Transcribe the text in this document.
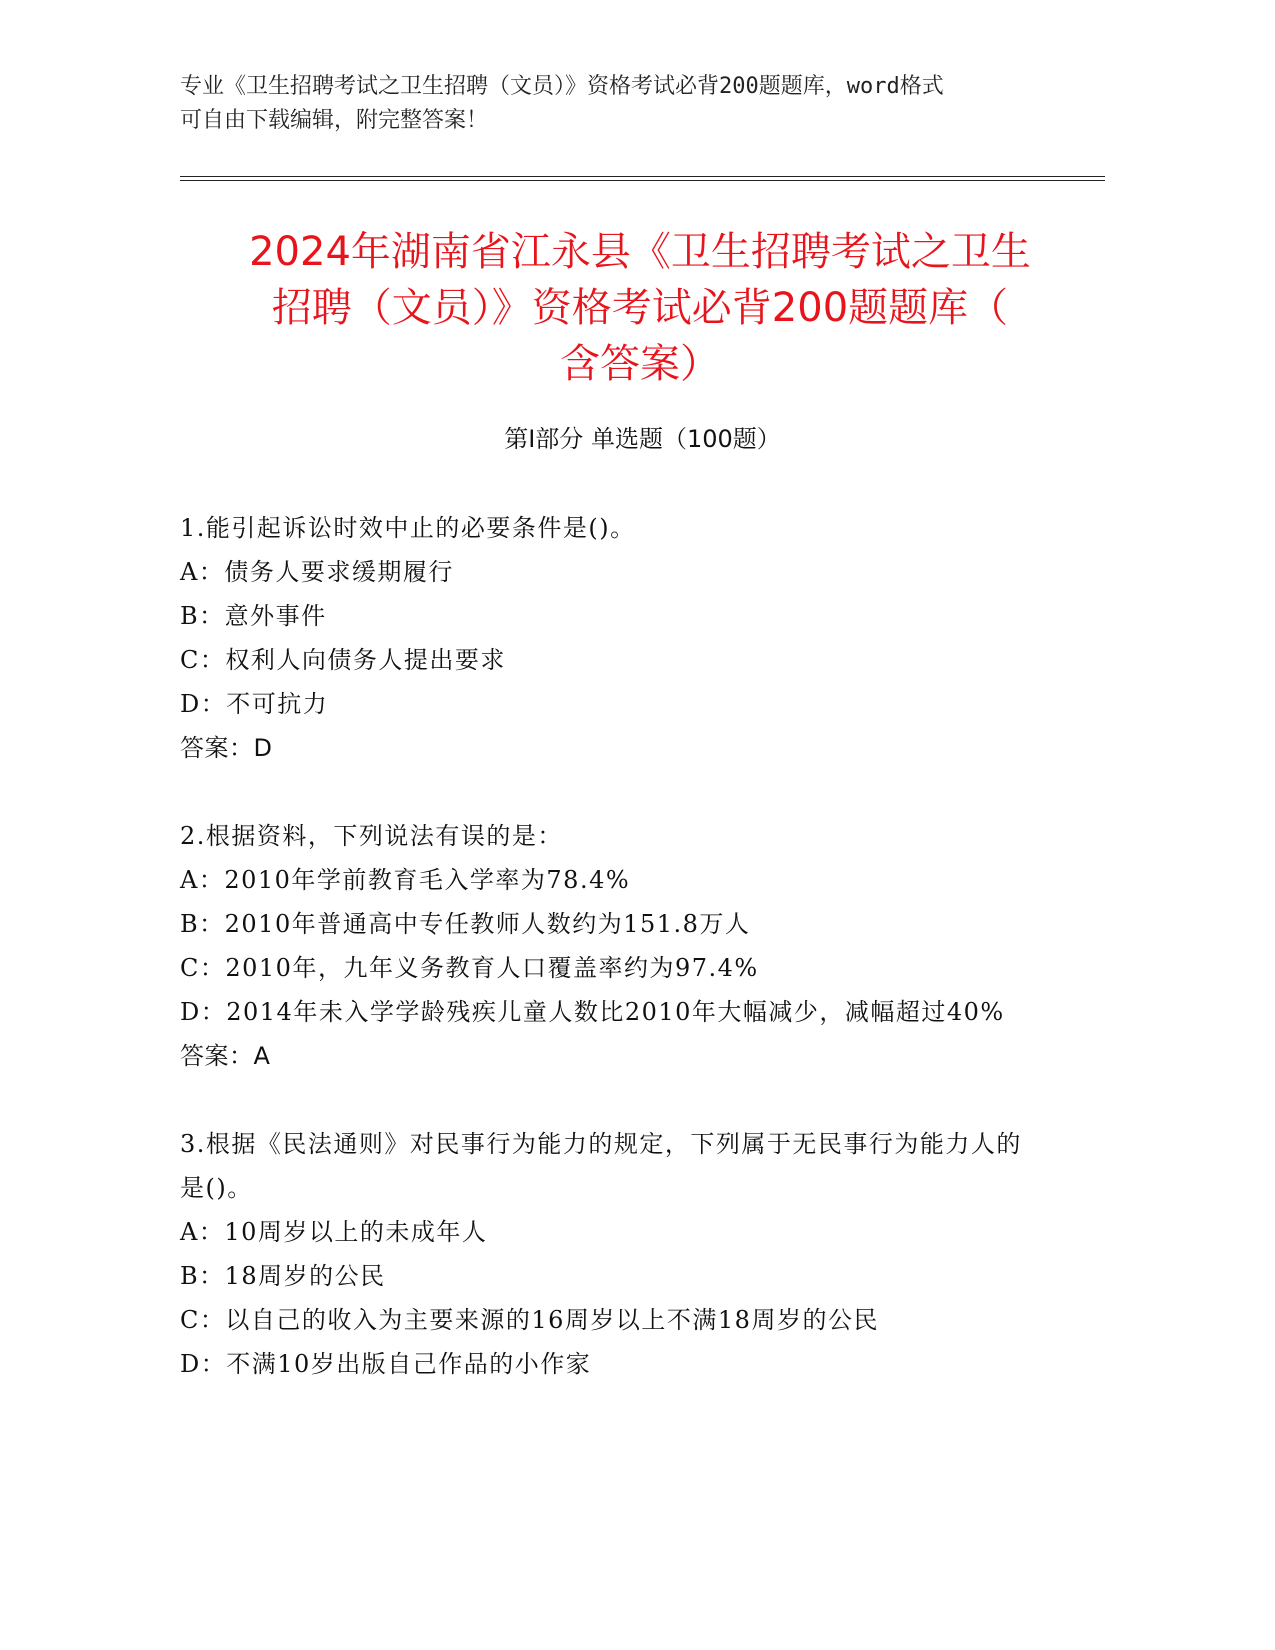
专业《卫生招聘考试之卫生招聘（文员）》资格考试必背200题题库，word格式
可自由下载编辑，附完整答案！
2024年湖南省江永县《卫生招聘考试之卫生
招聘（文员）》资格考试必背200题题库（
含答案）
第Ⅰ部分 单选题（100题）

1.能引起诉讼时效中止的必要条件是()。

A：债务人要求缓期履行

B：意外事件

C：权利人向债务人提出要求

D：不可抗力

答案：D

2.根据资料，下列说法有误的是：

A：2010年学前教育毛入学率为78.4%

B：2010年普通高中专任教师人数约为151.8万人

C：2010年，九年义务教育人口覆盖率约为97.4%

D：2014年未入学学龄残疾儿童人数比2010年大幅减少，减幅超过40%

答案：A

3.根据《民法通则》对民事行为能力的规定，下列属于无民事行为能力人的是()。

A：10周岁以上的未成年人

B：18周岁的公民

C：以自己的收入为主要来源的16周岁以上不满18周岁的公民

D：不满10岁出版自己作品的小作家
